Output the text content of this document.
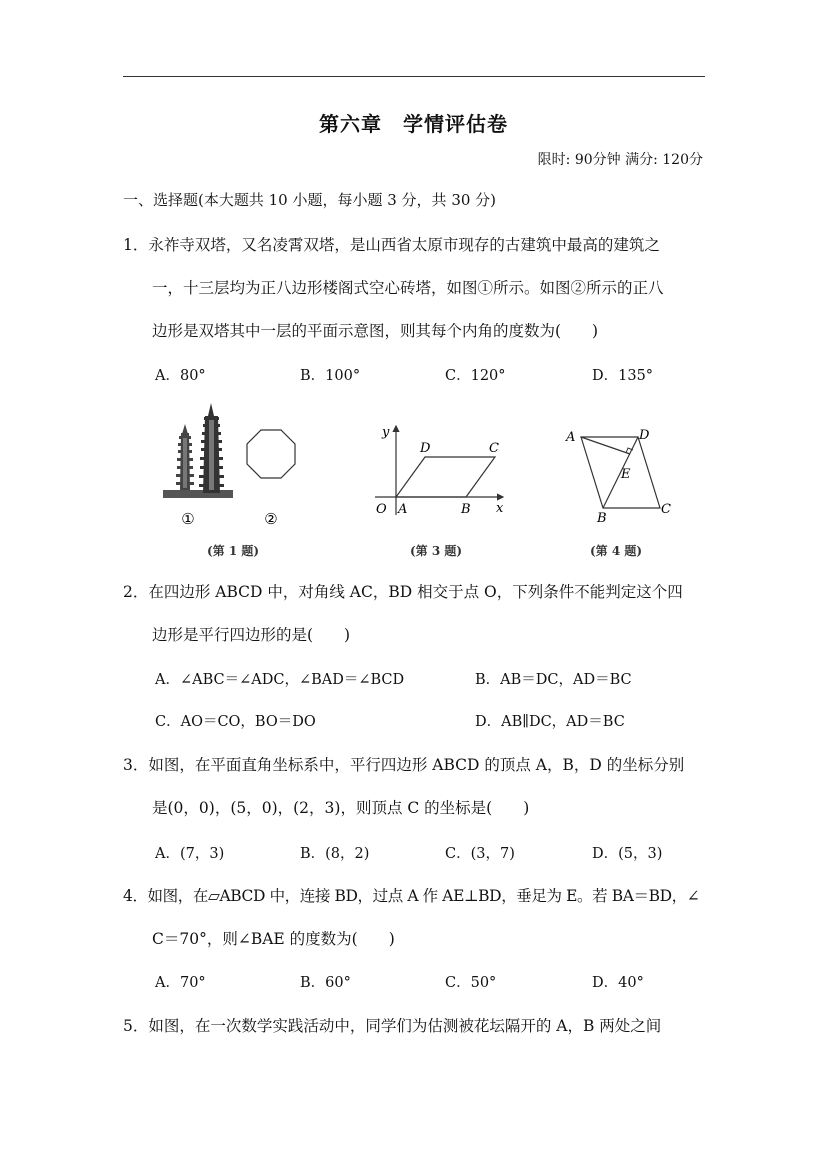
第六章　学情评估卷
限时: 90分钟 满分: 120分
一、选择题(本大题共 10 小题，每小题 3 分，共 30 分)
1．永祚寺双塔，又名凌霄双塔，是山西省太原市现存的古建筑中最高的建筑之
一，十三层均为正八边形楼阁式空心砖塔，如图①所示。如图②所示的正八
边形是双塔其中一层的平面示意图，则其每个内角的度数为(　　)
A．80°	B．100°	C．120°	D．135°
①	②
(第 1 题)
y
x
O A	B
C
D
(第 3 题)
A	D
E
B
C
(第 4 题)
2．在四边形 ABCD 中，对角线 AC，BD 相交于点 O，下列条件不能判定这个四
边形是平行四边形的是(　　)
A．∠ABC＝∠ADC，∠BAD＝∠BCD	B．AB＝DC，AD＝BC
C．AO＝CO，BO＝DO	D．AB∥DC，AD＝BC
3．如图，在平面直角坐标系中，平行四边形 ABCD 的顶点 A，B，D 的坐标分别
是(0，0)，(5，0)，(2，3)，则顶点 C 的坐标是(　　)
A．(7，3)	B．(8，2)	C．(3，7)	D．(5，3)
4．如图，在▱ABCD 中，连接 BD，过点 A 作 AE⊥BD，垂足为 E。若 BA＝BD，∠
C＝70°，则∠BAE 的度数为(　　)
A．70°	B．60°	C．50°	D．40°
5．如图，在一次数学实践活动中，同学们为估测被花坛隔开的 A，B 两处之间
